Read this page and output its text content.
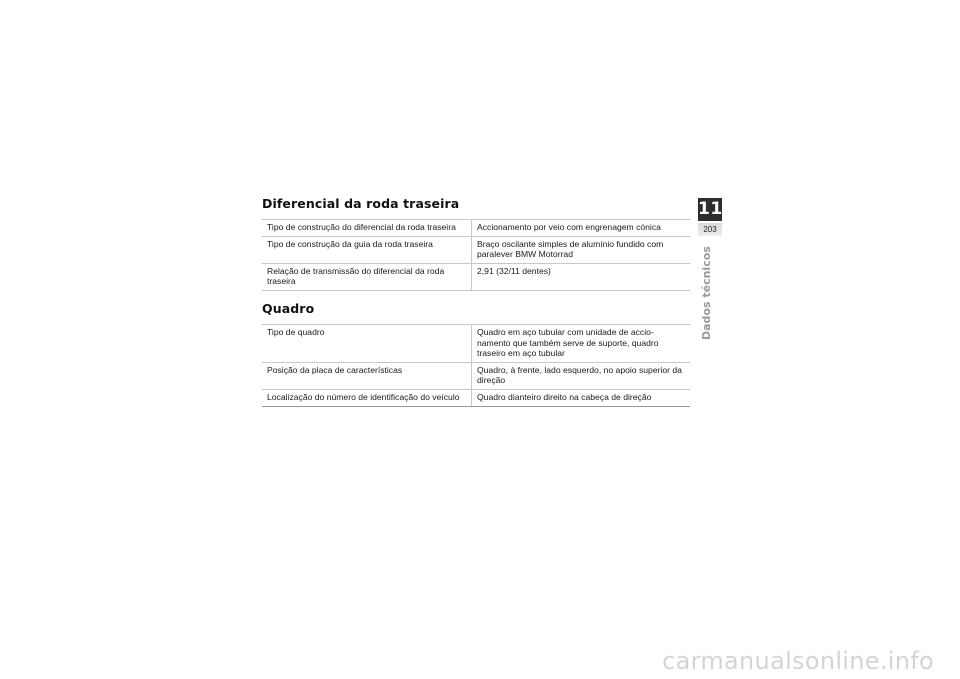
Diferencial da roda traseira
Tipo de construção do diferencial da roda traseira	Accionamento por veio com engrenagem cónica
Tipo de construção da guia da roda traseira	Braço oscilante simples de alumínio fundido com paralever BMW Motorrad
Relação de transmissão do diferencial da roda traseira	2,91 (32/11 dentes)
Quadro
Tipo de quadro	Quadro em aço tubular com unidade de accio-namento que também serve de suporte, quadro traseiro em aço tubular
Posição da placa de características	Quadro, à frente, lado esquerdo, no apoio superior da direção
Localização do número de identificação do veículo	Quadro dianteiro direito na cabeça de direção
11
203
Dados técnicos
carmanualsonline.info
